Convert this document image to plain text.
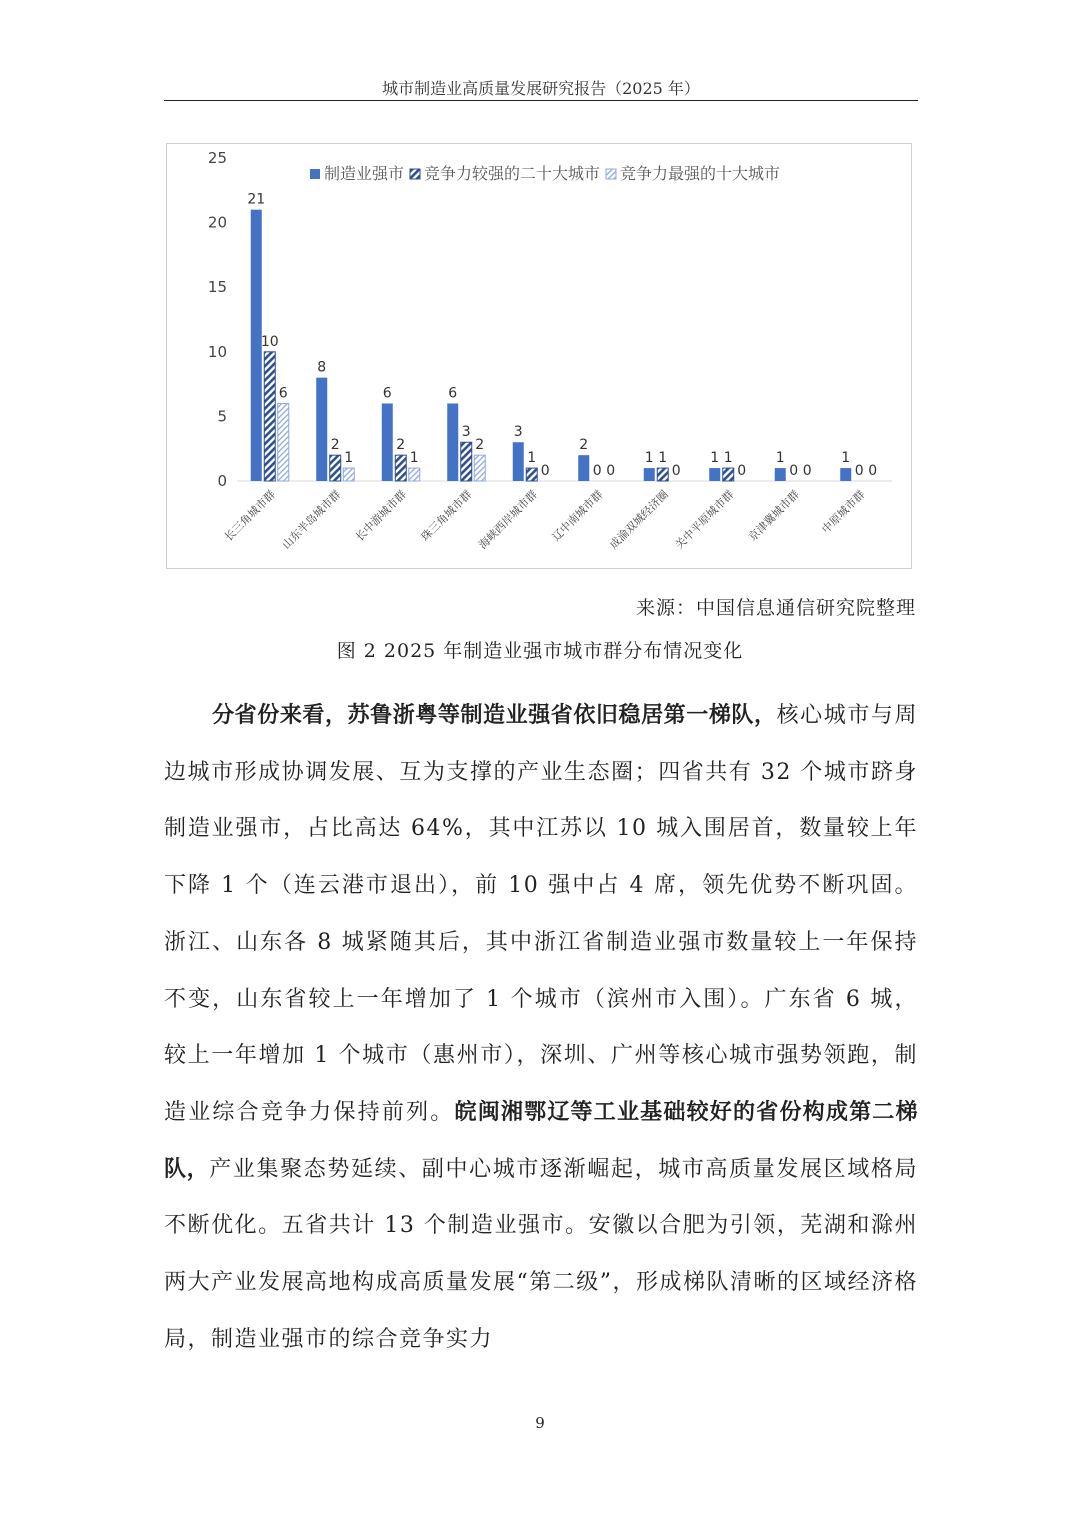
城市制造业高质量发展研究报告（2025 年）
0
5
10
15
20
25
21
10
6
8
2
1
6
2
1
6
3
2
3
1
0
2
0 0
1 1
0
1 1
0
1
0 0
1
0 0
长三角城市群 山东半岛城市群 长中游城市群 珠三角城市群 海峡西岸城市群 辽中南城市群 成渝双城经济圈 关中平原城市群 京津冀城市群 中原城市群
制造业强市 竞争力较强的二十大城市 竞争力最强的十大城市
来源：中国信息通信研究院整理
图 2 2025 年制造业强市城市群分布情况变化
分省份来看，苏鲁浙粤等制造业强省依旧稳居第一梯队，核心城市与周边城市形成协调发展、互为支撑的产业生态圈；四省共有 32 个城市跻身制造业强市，占比高达 64%，其中江苏以 10 城入围居首，数量较上年下降 1 个（连云港市退出），前 10 强中占 4 席，领先优势不断巩固。浙江、山东各 8 城紧随其后，其中浙江省制造业强市数量较上一年保持不变，山东省较上一年增加了 1 个城市（滨州市入围）。广东省 6 城，较上一年增加 1 个城市（惠州市），深圳、广州等核心城市强势领跑，制造业综合竞争力保持前列。皖闽湘鄂辽等工业基础较好的省份构成第二梯队，产业集聚态势延续、副中心城市逐渐崛起，城市高质量发展区域格局不断优化。五省共计 13 个制造业强市。安徽以合肥为引领，芜湖和滁州两大产业发展高地构成高质量发展“第二级”，形成梯队清晰的区域经济格局，制造业强市的综合竞争实力
9
